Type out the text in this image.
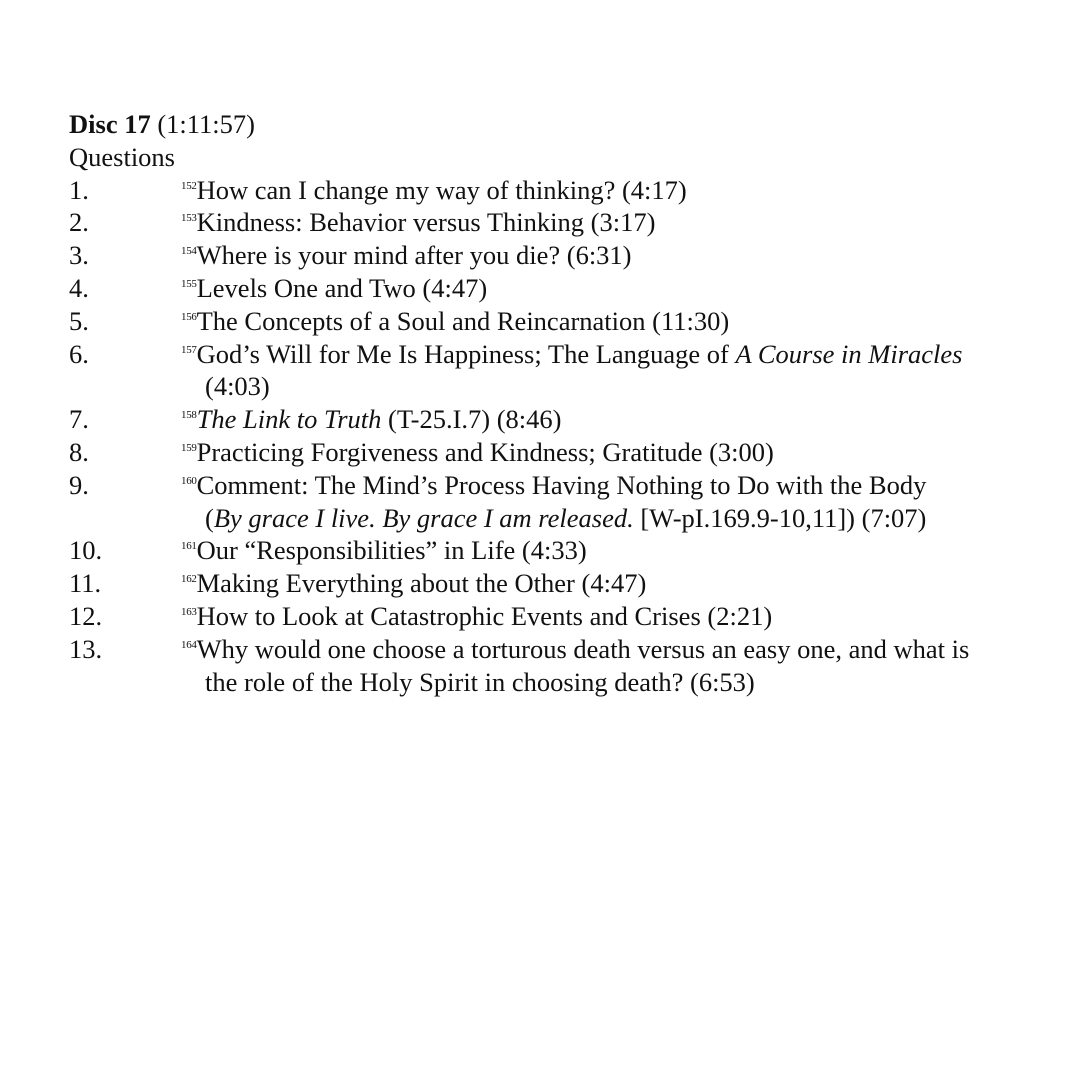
Disc 17 (1:11:57)
Questions
1.	$^{152}$How can I change my way of thinking? (4:17)
2.	$^{153}$Kindness: Behavior versus Thinking (3:17)
3.	$^{154}$Where is your mind after you die? (6:31)
4.	$^{155}$Levels One and Two (4:47)
5.	$^{156}$The Concepts of a Soul and Reincarnation (11:30)
6.	$^{157}$God’s Will for Me Is Happiness; The Language of A Course in Miracles
(4:03)
7.	$^{158}$The Link to Truth (T-25.I.7) (8:46)
8.	$^{159}$Practicing Forgiveness and Kindness; Gratitude (3:00)
9.	$^{160}$Comment: The Mind’s Process Having Nothing to Do with the Body
(By grace I live. By grace I am released. [W-pI.169.9-10,11]) (7:07)
10.	$^{161}$Our “Responsibilities” in Life (4:33)
11.	$^{162}$Making Everything about the Other (4:47)
12.	$^{163}$How to Look at Catastrophic Events and Crises (2:21)
13.	$^{164}$Why would one choose a torturous death versus an easy one, and what is
the role of the Holy Spirit in choosing death? (6:53)
